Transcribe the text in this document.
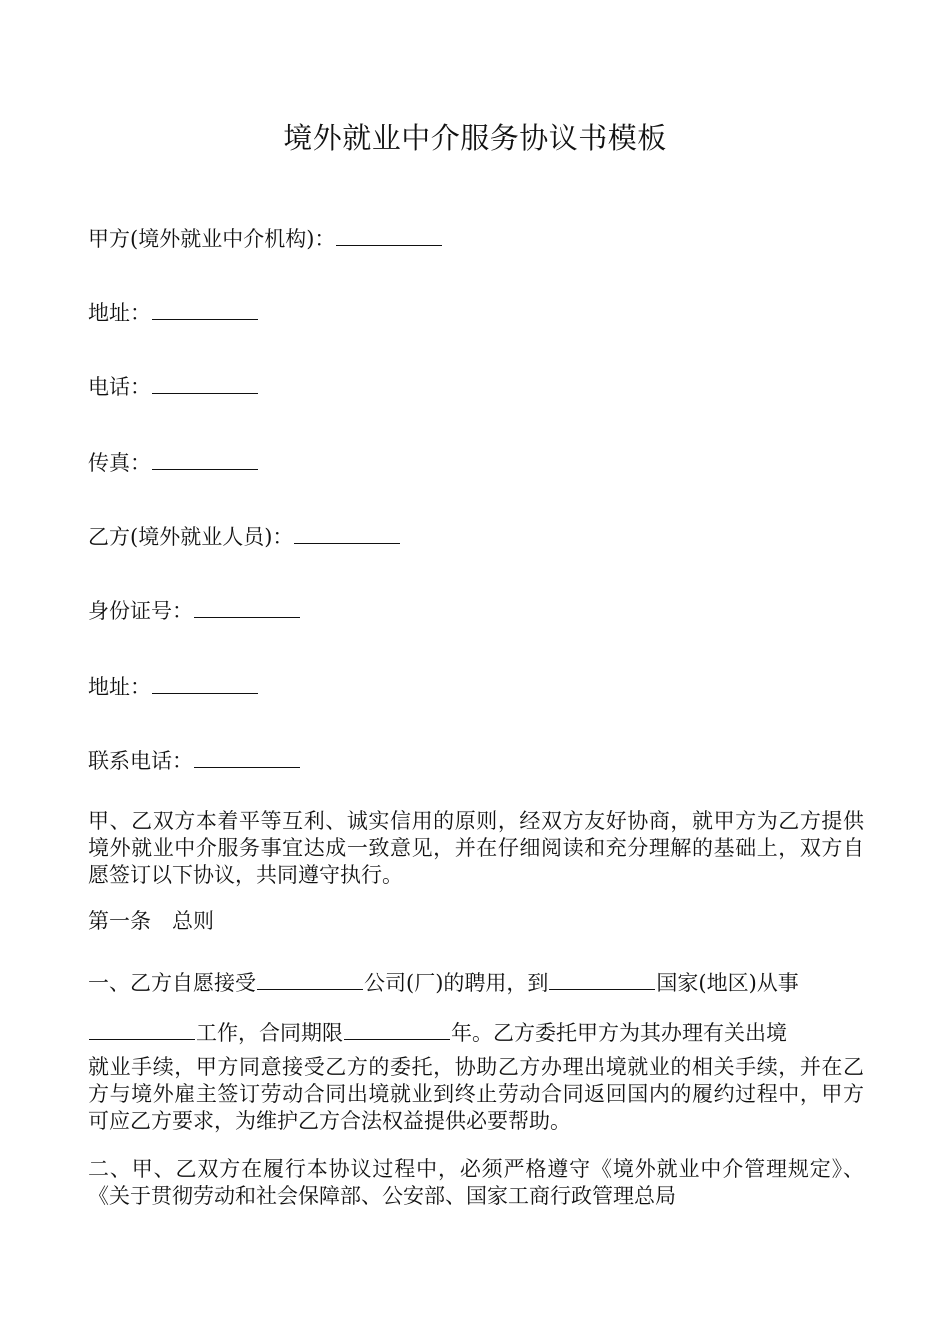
境外就业中介服务协议书模板
甲方(境外就业中介机构)：
地址：
电话：
传真：
乙方(境外就业人员)：
身份证号：
地址：
联系电话：
甲、乙双方本着平等互利、诚实信用的原则，经双方友好协商，就甲方为乙方提供境外就业中介服务事宜达成一致意见，并在仔细阅读和充分理解的基础上，双方自愿签订以下协议，共同遵守执行。
第一条　总则
一、乙方自愿接受	公司(厂)的聘用，到	国家(地区)从事
工作，合同期限	年。乙方委托甲方为其办理有关出境
就业手续，甲方同意接受乙方的委托，协助乙方办理出境就业的相关手续，并在乙方与境外雇主签订劳动合同出境就业到终止劳动合同返回国内的履约过程中，甲方可应乙方要求，为维护乙方合法权益提供必要帮助。
二、甲、乙双方在履行本协议过程中，必须严格遵守《境外就业中介管理规定》、《关于贯彻劳动和社会保障部、公安部、国家工商行政管理总局
